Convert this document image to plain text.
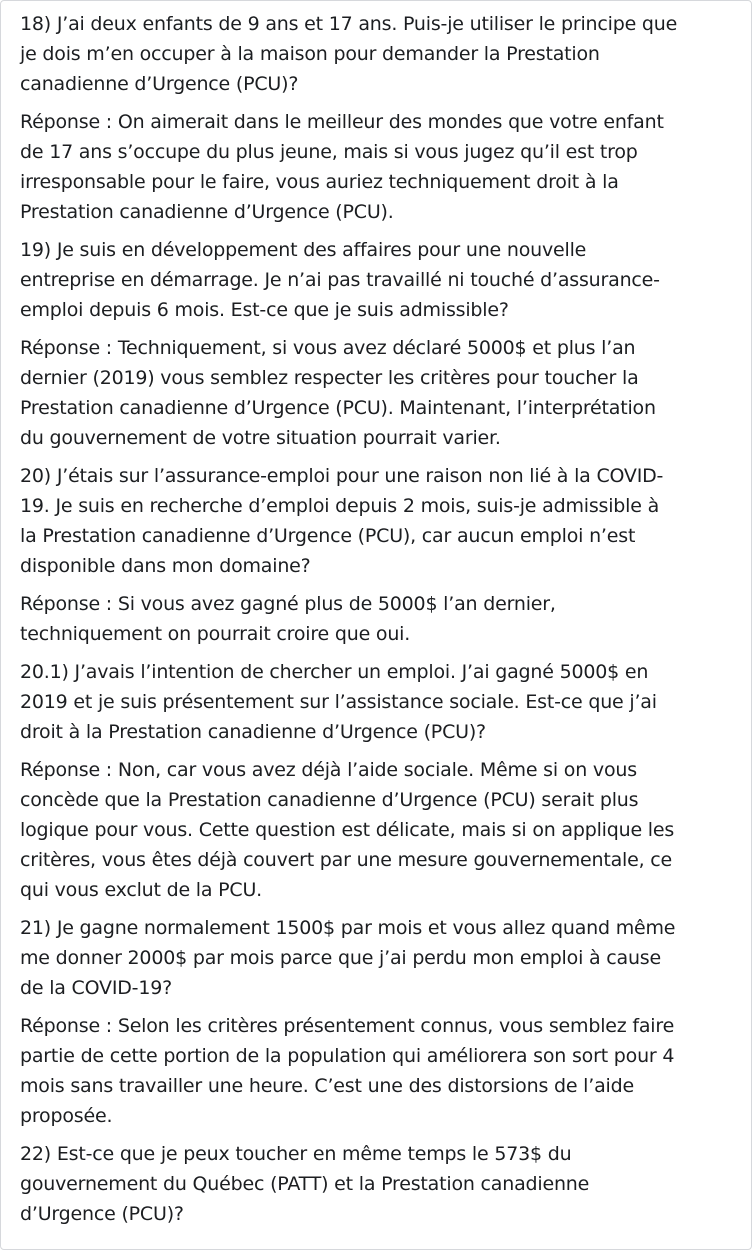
18) J’ai deux enfants de 9 ans et 17 ans. Puis-je utiliser le principe que
je dois m’en occuper à la maison pour demander la Prestation
canadienne d’Urgence (PCU)?

Réponse : On aimerait dans le meilleur des mondes que votre enfant
de 17 ans s’occupe du plus jeune, mais si vous jugez qu’il est trop
irresponsable pour le faire, vous auriez techniquement droit à la
Prestation canadienne d’Urgence (PCU).

19) Je suis en développement des affaires pour une nouvelle
entreprise en démarrage. Je n’ai pas travaillé ni touché d’assurance-
emploi depuis 6 mois. Est-ce que je suis admissible?

Réponse : Techniquement, si vous avez déclaré 5000$ et plus l’an
dernier (2019) vous semblez respecter les critères pour toucher la
Prestation canadienne d’Urgence (PCU). Maintenant, l’interprétation
du gouvernement de votre situation pourrait varier.

20) J’étais sur l’assurance-emploi pour une raison non lié à la COVID-
19. Je suis en recherche d’emploi depuis 2 mois, suis-je admissible à
la Prestation canadienne d’Urgence (PCU), car aucun emploi n’est
disponible dans mon domaine?

Réponse : Si vous avez gagné plus de 5000$ l’an dernier,
techniquement on pourrait croire que oui.

20.1) J’avais l’intention de chercher un emploi. J’ai gagné 5000$ en
2019 et je suis présentement sur l’assistance sociale. Est-ce que j’ai
droit à la Prestation canadienne d’Urgence (PCU)?

Réponse : Non, car vous avez déjà l’aide sociale. Même si on vous
concède que la Prestation canadienne d’Urgence (PCU) serait plus
logique pour vous. Cette question est délicate, mais si on applique les
critères, vous êtes déjà couvert par une mesure gouvernementale, ce
qui vous exclut de la PCU.

21) Je gagne normalement 1500$ par mois et vous allez quand même
me donner 2000$ par mois parce que j’ai perdu mon emploi à cause
de la COVID-19?

Réponse : Selon les critères présentement connus, vous semblez faire
partie de cette portion de la population qui améliorera son sort pour 4
mois sans travailler une heure. C’est une des distorsions de l’aide
proposée.

22) Est-ce que je peux toucher en même temps le 573$ du
gouvernement du Québec (PATT) et la Prestation canadienne
d’Urgence (PCU)?
